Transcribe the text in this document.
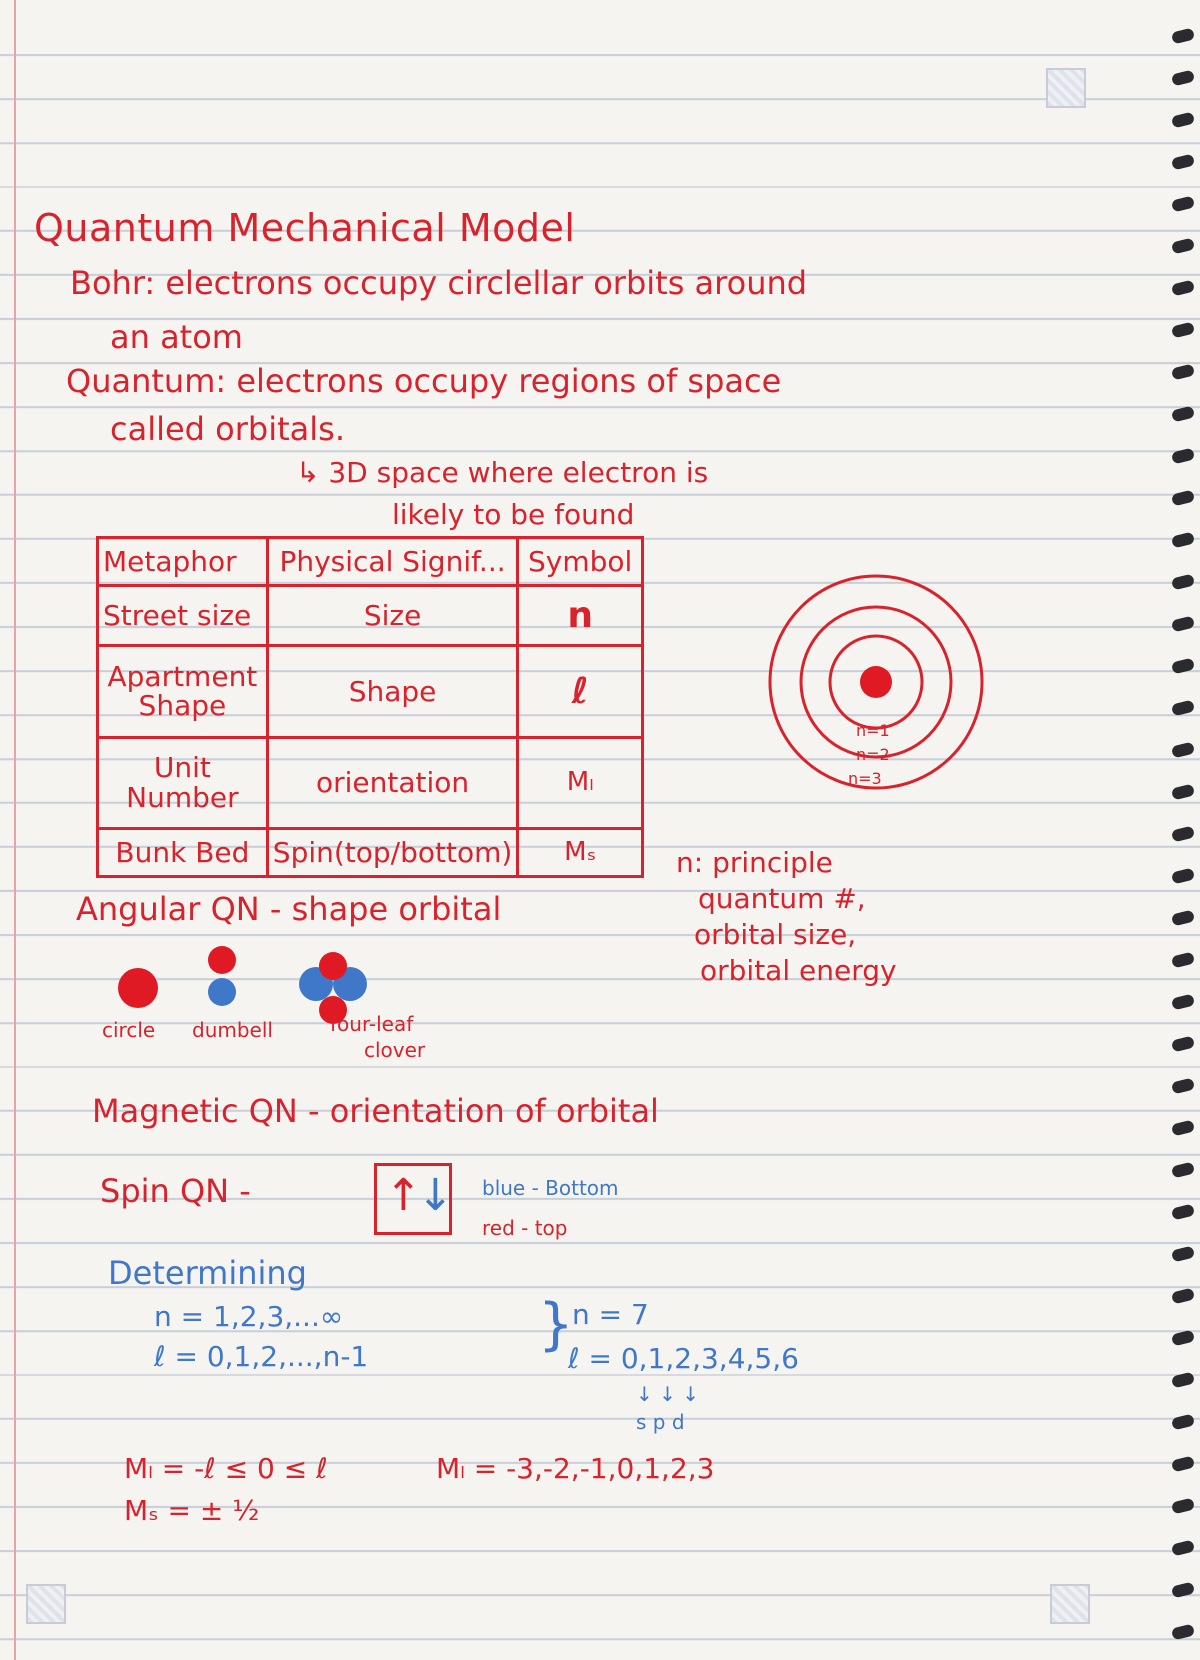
Quantum Mechanical Model
Bohr: electrons occupy circlellar orbits around
an atom
Quantum: electrons occupy regions of space
called orbitals.
↳ 3D space where electron is
likely to be found
Metaphor	Physical Signif...	Symbol
Street size	Size	n
Apartment Shape	Shape	ℓ
Unit Number	orientation	Mₗ
Bunk Bed	Spin(top/bottom)	Mₛ
n=1
n=2
n=3
n: principle
quantum #,
orbital size,
orbital energy
Angular QN - shape orbital
circle dumbell	four-leaf
clover
Magnetic QN - orientation of orbital
Spin QN -	↑
↓ blue - Bottom
red - top
Determining
n = 1,2,3,...∞
ℓ = 0,1,2,...,n-1	}
n = 7
ℓ = 0,1,2,3,4,5,6
↓ ↓ ↓
s p d
Mₗ = -ℓ ≤ 0 ≤ ℓ
Mₛ = ± ½
Mₗ = -3,-2,-1,0,1,2,3
